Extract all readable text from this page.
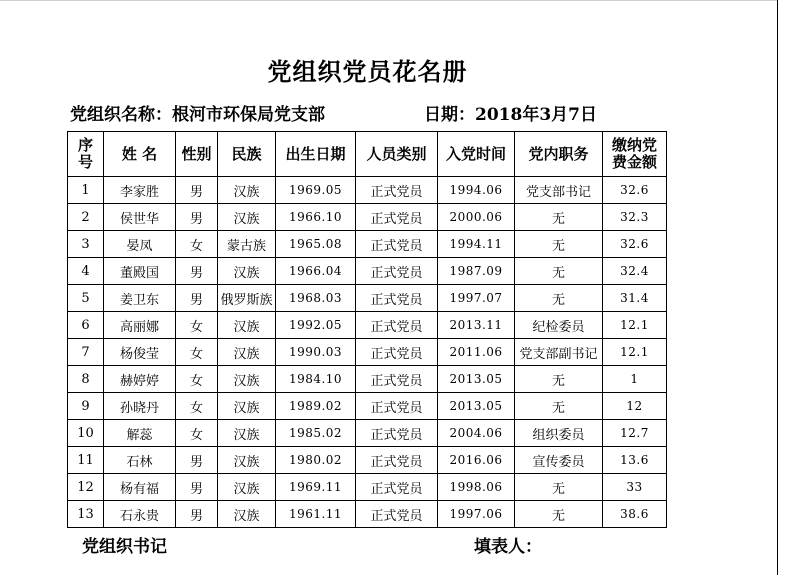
党组织党员花名册
党组织名称：根河市环保局党支部	日期：2018年3月7日
序号	姓 名	性别	民族	出生日期	人员类别	入党时间	党内职务	缴纳党费金额
1	李家胜	男	汉族	1969.05	正式党员	1994.06	党支部书记	32.6
2	侯世华	男	汉族	1966.10	正式党员	2000.06	无	32.3
3	晏凤	女	蒙古族	1965.08	正式党员	1994.11	无	32.6
4	董殿国	男	汉族	1966.04	正式党员	1987.09	无	32.4
5	姜卫东	男	俄罗斯族	1968.03	正式党员	1997.07	无	31.4
6	高丽娜	女	汉族	1992.05	正式党员	2013.11	纪检委员	12.1
7	杨俊莹	女	汉族	1990.03	正式党员	2011.06	党支部副书记	12.1
8	赫婷婷	女	汉族	1984.10	正式党员	2013.05	无	1
9	孙晓丹	女	汉族	1989.02	正式党员	2013.05	无	12
10	解蕊	女	汉族	1985.02	正式党员	2004.06	组织委员	12.7
11	石林	男	汉族	1980.02	正式党员	2016.06	宣传委员	13.6
12	杨有福	男	汉族	1969.11	正式党员	1998.06	无	33
13	石永贵	男	汉族	1961.11	正式党员	1997.06	无	38.6
党组织书记	填表人：
